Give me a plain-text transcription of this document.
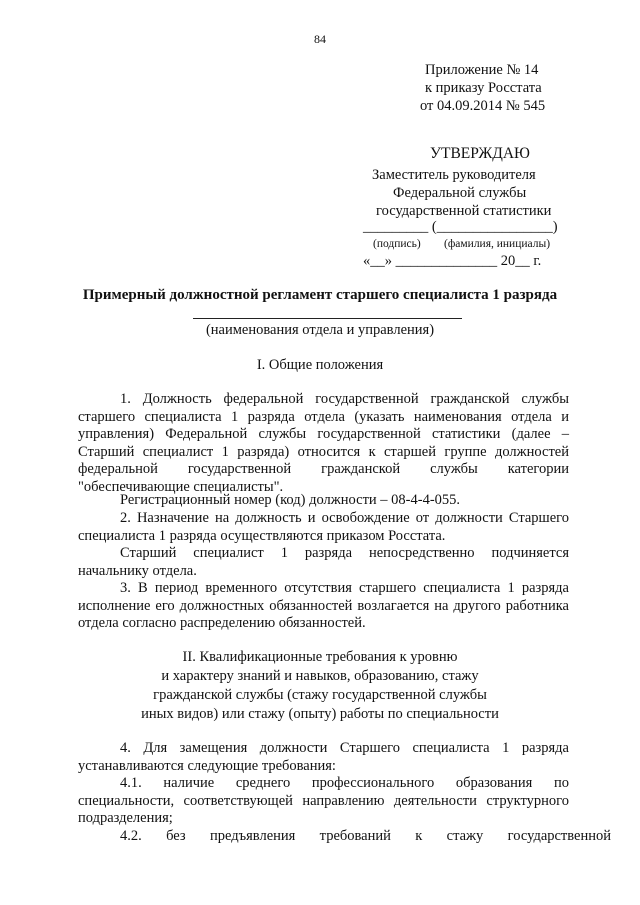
84
Приложение № 14
к приказу Росстата
от 04.09.2014 № 545
УТВЕРЖДАЮ
Заместитель руководителя
Федеральной службы
государственной статистики
_________ (________________)
(подпись) (фамилия, инициалы)
«__» ______________ 20__ г.
Примерный должностной регламент старшего специалиста 1 разряда
(наименования отдела и управления)
I. Общие положения
1. Должность федеральной государственной гражданской службы старшего специалиста 1 разряда отдела (указать наименования отдела и управления) Федеральной службы государственной статистики (далее – Старший специалист 1 разряда) относится к старшей группе должностей федеральной государственной гражданской службы категории "обеспечивающие специалисты".
Регистрационный номер (код) должности – 08-4-4-055.
2. Назначение на должность и освобождение от должности Старшего специалиста 1 разряда осуществляются приказом Росстата.
Старший специалист 1 разряда непосредственно подчиняется начальнику отдела.
3. В период временного отсутствия старшего специалиста 1 разряда исполнение его должностных обязанностей возлагается на другого работника отдела согласно распределению обязанностей.
II. Квалификационные требования к уровню
и характеру знаний и навыков, образованию, стажу
гражданской службы (стажу государственной службы
иных видов) или стажу (опыту) работы по специальности
4. Для замещения должности Старшего специалиста 1 разряда устанавливаются следующие требования:
4.1. наличие среднего профессионального образования по специальности, соответствующей направлению деятельности структурного подразделения;
4.2. без предъявления требований к стажу государственной
